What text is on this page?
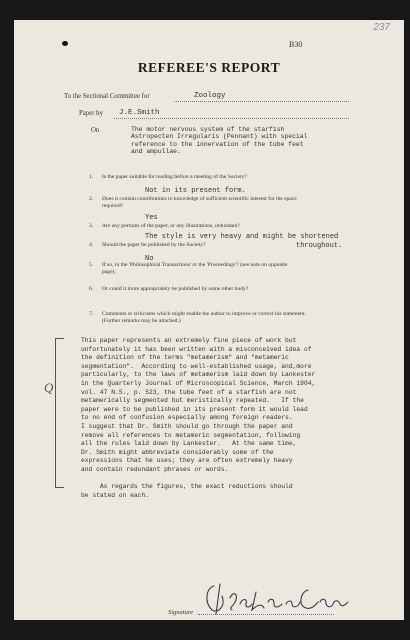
237
B30
REFEREE'S REPORT
To the Sectional Committee for	Zoology
Paper by J.E.Smith
On	The motor nervous system of the starfish
Astropecten Irregularis (Pennant) with special
reference to the innervation of the tube feet
and ampullae.
1. Is the paper suitable for reading before a meeting of the Society?
2. Does it contain contributions to knowledge of sufficient scientific interest for the space
required?
3. Are any portions of the paper, or any illustrations, redundant?
4. Should the paper be published by the Society?
5. If so, in the 'Philosophical Transactions' or the 'Proceedings'? (see note on opposite
page).
6. Or could it more appropriately be published by some other body?
7. Comments or criticisms which might enable the author to improve or correct his statement.
(Further remarks may be attached.)
Not in its present form.
Yes
The style is very heavy and might be shortened
throughout.
No
Q
This paper represents an extremely fine piece of work but
unfortunately it has been written with a misconceived idea of
the definition of the terms "metamerism" and "metameric
segmentation".  According to well-established usage, and,more
particularly, to the laws of metamerism laid down by Lankester
in the Quarterly Journal of Microscopical Science, March 1904,
vol. 47 N.S., p. 523, the tube feet of a starfish are not
metamerically segmented but meristically repeated.   If the
paper were to be published in its present form it would lead
to no end of confusion especially among foreign readers.
I suggest that Dr. Smith should go through the paper and
remove all references to metameric segmentation, following
all the rules laid down by Lankester.   At the same time,
Dr. Smith might abbreviate considerably some of the
expressions that he uses; they are often extremely heavy
and contain redundant phrases or words.

As regards the figures, the exact reductions should
be stated on each.
Signature
